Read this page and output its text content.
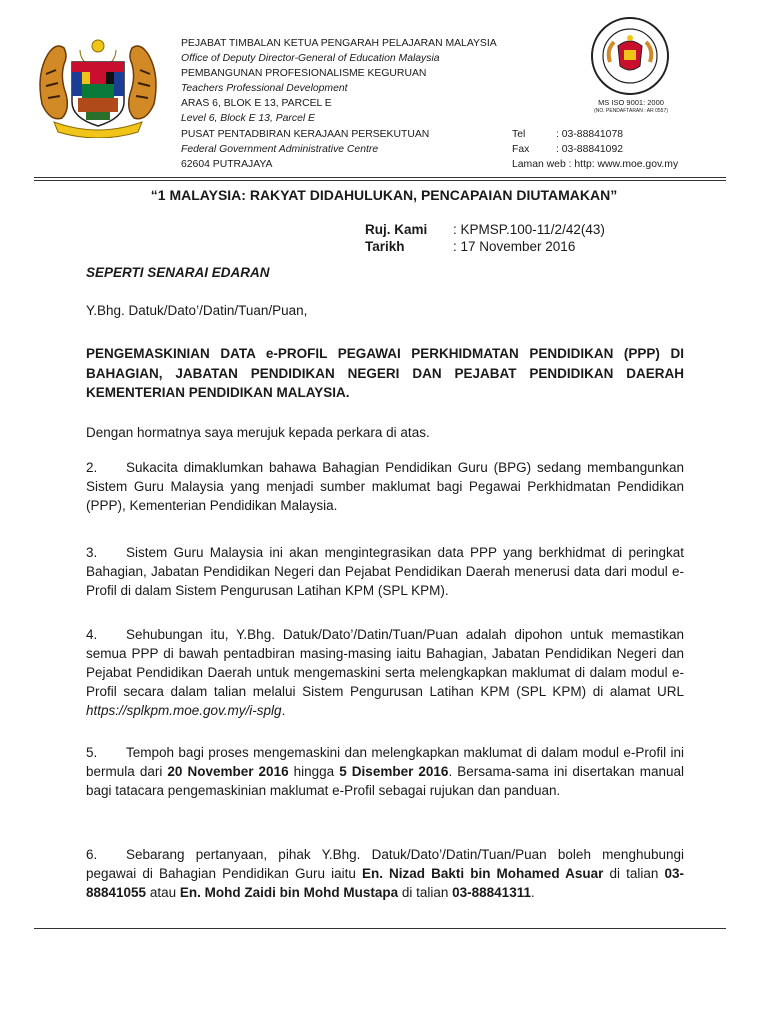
PEJABAT TIMBALAN KETUA PENGARAH PELAJARAN MALAYSIA
Office of Deputy Director-General of Education Malaysia
PEMBANGUNAN PROFESIONALISME KEGURUAN
Teachers Professional Development
ARAS 6, BLOK E 13, PARCEL E
Level 6, Block E 13, Parcel E
PUSAT PENTADBIRAN KERAJAAN PERSEKUTUAN
Federal Government Administrative Centre
62604 PUTRAJAYA
Tel	: 03-88841078
Fax	: 03-88841092
Laman web : http: www.moe.gov.my
MS ISO 9001: 2000
(NO. PENDAFTARAN : AR 0557)
“1 MALAYSIA: RAKYAT DIDAHULUKAN, PENCAPAIAN DIUTAMAKAN”
Ruj. Kami : KPMSP.100-11/2/42(43)
Tarikh	: 17 November 2016
SEPERTI SENARAI EDARAN
Y.Bhg. Datuk/Dato’/Datin/Tuan/Puan,
PENGEMASKINIAN DATA e-PROFIL PEGAWAI PERKHIDMATAN PENDIDIKAN (PPP) DI BAHAGIAN, JABATAN PENDIDIKAN NEGERI DAN PEJABAT PENDIDIKAN DAERAH KEMENTERIAN PENDIDIKAN MALAYSIA.
Dengan hormatnya saya merujuk kepada perkara di atas.
2. Sukacita dimaklumkan bahawa Bahagian Pendidikan Guru (BPG) sedang membangunkan Sistem Guru Malaysia yang menjadi sumber maklumat bagi Pegawai Perkhidmatan Pendidikan (PPP), Kementerian Pendidikan Malaysia.
3. Sistem Guru Malaysia ini akan mengintegrasikan data PPP yang berkhidmat di peringkat Bahagian, Jabatan Pendidikan Negeri dan Pejabat Pendidikan Daerah menerusi data dari modul e-Profil di dalam Sistem Pengurusan Latihan KPM (SPL KPM).
4. Sehubungan itu, Y.Bhg. Datuk/Dato’/Datin/Tuan/Puan adalah dipohon untuk memastikan semua PPP di bawah pentadbiran masing-masing iaitu Bahagian, Jabatan Pendidikan Negeri dan Pejabat Pendidikan Daerah untuk mengemaskini serta melengkapkan maklumat di dalam modul e-Profil secara dalam talian melalui Sistem Pengurusan Latihan KPM (SPL KPM) di alamat URL https://splkpm.moe.gov.my/i-splg.
5. Tempoh bagi proses mengemaskini dan melengkapkan maklumat di dalam modul e-Profil ini bermula dari 20 November 2016 hingga 5 Disember 2016. Bersama-sama ini disertakan manual bagi tatacara pengemaskinian maklumat e-Profil sebagai rujukan dan panduan.
6. Sebarang pertanyaan, pihak Y.Bhg. Datuk/Dato’/Datin/Tuan/Puan boleh menghubungi pegawai di Bahagian Pendidikan Guru iaitu En. Nizad Bakti bin Mohamed Asuar di talian 03-88841055 atau En. Mohd Zaidi bin Mohd Mustapa di talian 03-88841311.
